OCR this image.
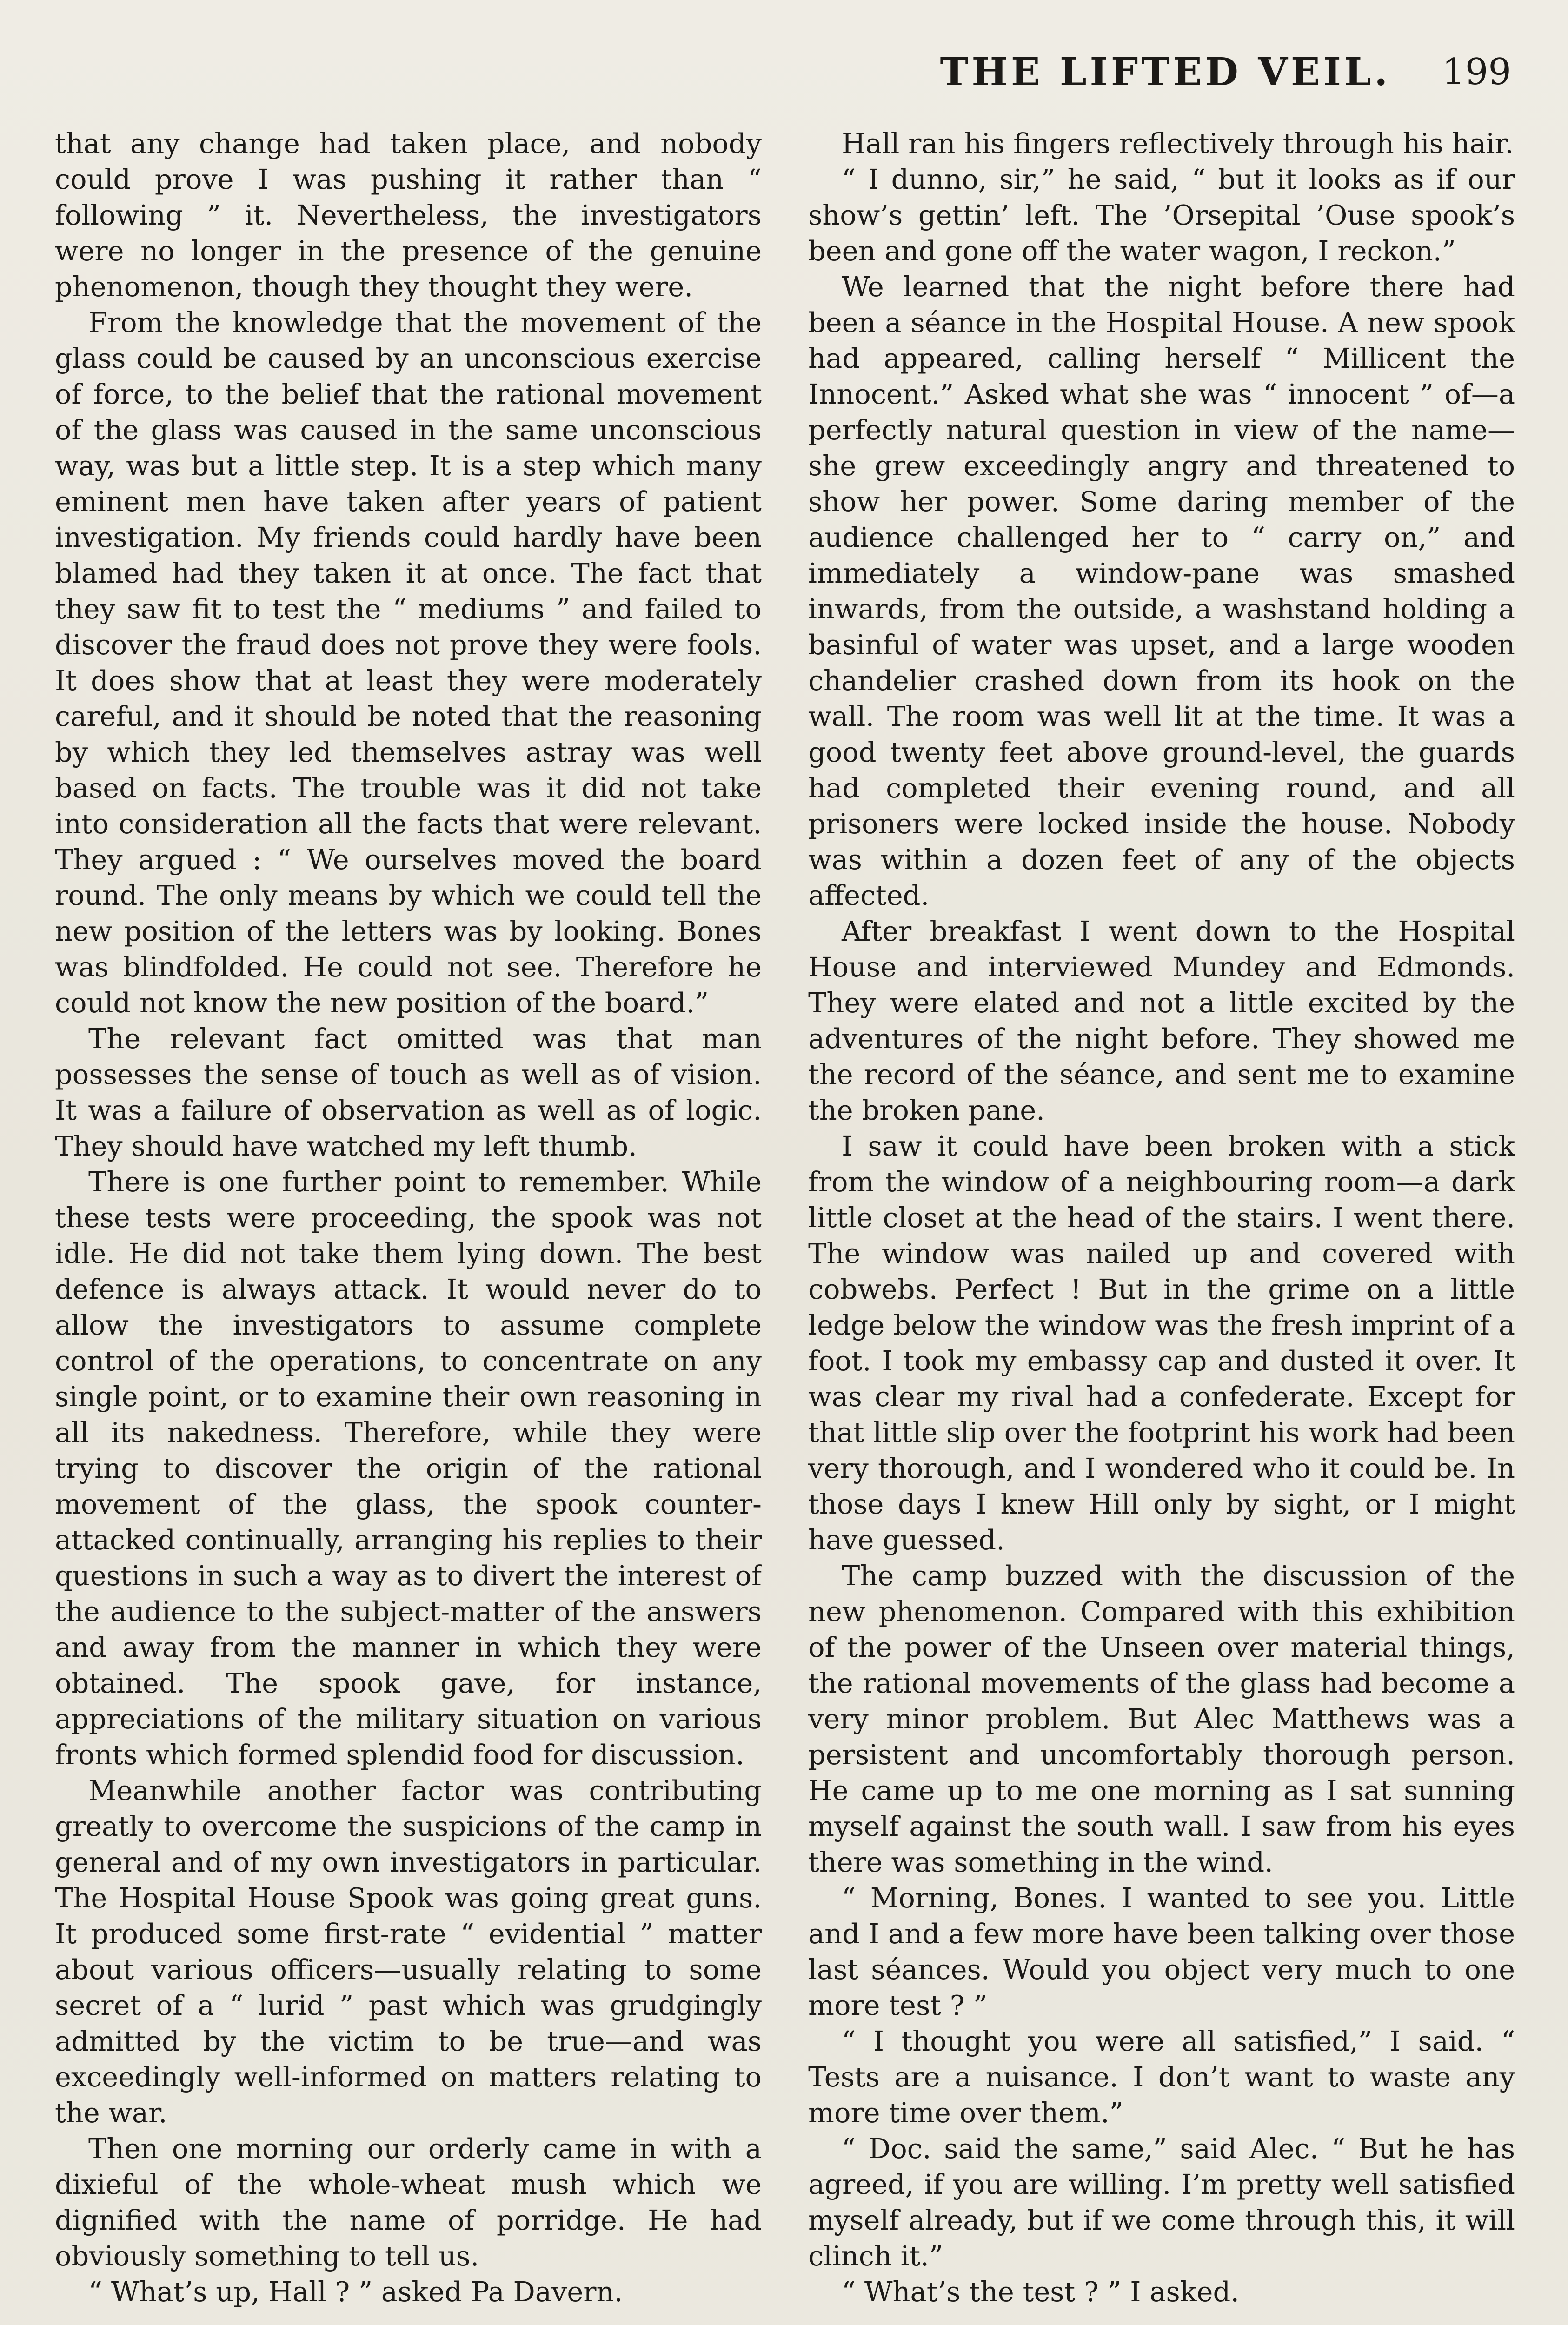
THE LIFTED VEIL. 199

that any change had taken place, and nobody could prove I was pushing it rather than “ following ” it. Nevertheless, the investigators were no longer in the presence of the genuine phenomenon, though they thought they were.

From the knowledge that the movement of the glass could be caused by an unconscious exercise of force, to the belief that the rational movement of the glass was caused in the same unconscious way, was but a little step. It is a step which many eminent men have taken after years of patient investigation. My friends could hardly have been blamed had they taken it at once. The fact that they saw fit to test the “ mediums ” and failed to discover the fraud does not prove they were fools. It does show that at least they were moderately careful, and it should be noted that the reasoning by which they led themselves astray was well based on facts. The trouble was it did not take into consideration all the facts that were relevant. They argued : “ We ourselves moved the board round. The only means by which we could tell the new position of the letters was by looking. Bones was blindfolded. He could not see. Therefore he could not know the new position of the board.”

The relevant fact omitted was that man possesses the sense of touch as well as of vision. It was a failure of observation as well as of logic. They should have watched my left thumb.

There is one further point to remember. While these tests were proceeding, the spook was not idle. He did not take them lying down. The best defence is always attack. It would never do to allow the investigators to assume complete control of the operations, to concentrate on any single point, or to examine their own reasoning in all its nakedness. Therefore, while they were trying to discover the origin of the rational movement of the glass, the spook counter-attacked continually, arranging his replies to their questions in such a way as to divert the interest of the audience to the subject-matter of the answers and away from the manner in which they were obtained. The spook gave, for instance, appreciations of the military situation on various fronts which formed splendid food for discussion.

Meanwhile another factor was contributing greatly to overcome the suspicions of the camp in general and of my own investigators in particular. The Hospital House Spook was going great guns. It produced some first-rate “ evidential ” matter about various officers—usually relating to some secret of a “ lurid ” past which was grudgingly admitted by the victim to be true—and was exceedingly well-informed on matters relating to the war.

Then one morning our orderly came in with a dixieful of the whole-wheat mush which we dignified with the name of porridge. He had obviously something to tell us.

“ What’s up, Hall ? ” asked Pa Davern.

Hall ran his fingers reflectively through his hair.

“ I dunno, sir,” he said, “ but it looks as if our show’s gettin’ left. The ’Orsepital ’Ouse spook’s been and gone off the water wagon, I reckon.”

We learned that the night before there had been a séance in the Hospital House. A new spook had appeared, calling herself “ Millicent the Innocent.” Asked what she was “ innocent ” of—a perfectly natural question in view of the name—she grew exceedingly angry and threatened to show her power. Some daring member of the audience challenged her to “ carry on,” and immediately a window-pane was smashed inwards, from the outside, a washstand holding a basinful of water was upset, and a large wooden chandelier crashed down from its hook on the wall. The room was well lit at the time. It was a good twenty feet above ground-level, the guards had completed their evening round, and all prisoners were locked inside the house. Nobody was within a dozen feet of any of the objects affected.

After breakfast I went down to the Hospital House and interviewed Mundey and Edmonds. They were elated and not a little excited by the adventures of the night before. They showed me the record of the séance, and sent me to examine the broken pane.

I saw it could have been broken with a stick from the window of a neighbouring room—a dark little closet at the head of the stairs. I went there. The window was nailed up and covered with cobwebs. Perfect ! But in the grime on a little ledge below the window was the fresh imprint of a foot. I took my embassy cap and dusted it over. It was clear my rival had a confederate. Except for that little slip over the footprint his work had been very thorough, and I wondered who it could be. In those days I knew Hill only by sight, or I might have guessed.

The camp buzzed with the discussion of the new phenomenon. Compared with this exhibition of the power of the Unseen over material things, the rational movements of the glass had become a very minor problem. But Alec Matthews was a persistent and uncomfortably thorough person. He came up to me one morning as I sat sunning myself against the south wall. I saw from his eyes there was something in the wind.

“ Morning, Bones. I wanted to see you. Little and I and a few more have been talking over those last séances. Would you object very much to one more test ? ”

“ I thought you were all satisfied,” I said. “ Tests are a nuisance. I don’t want to waste any more time over them.”

“ Doc. said the same,” said Alec. “ But he has agreed, if you are willing. I’m pretty well satisfied myself already, but if we come through this, it will clinch it.”

“ What’s the test ? ” I asked.
